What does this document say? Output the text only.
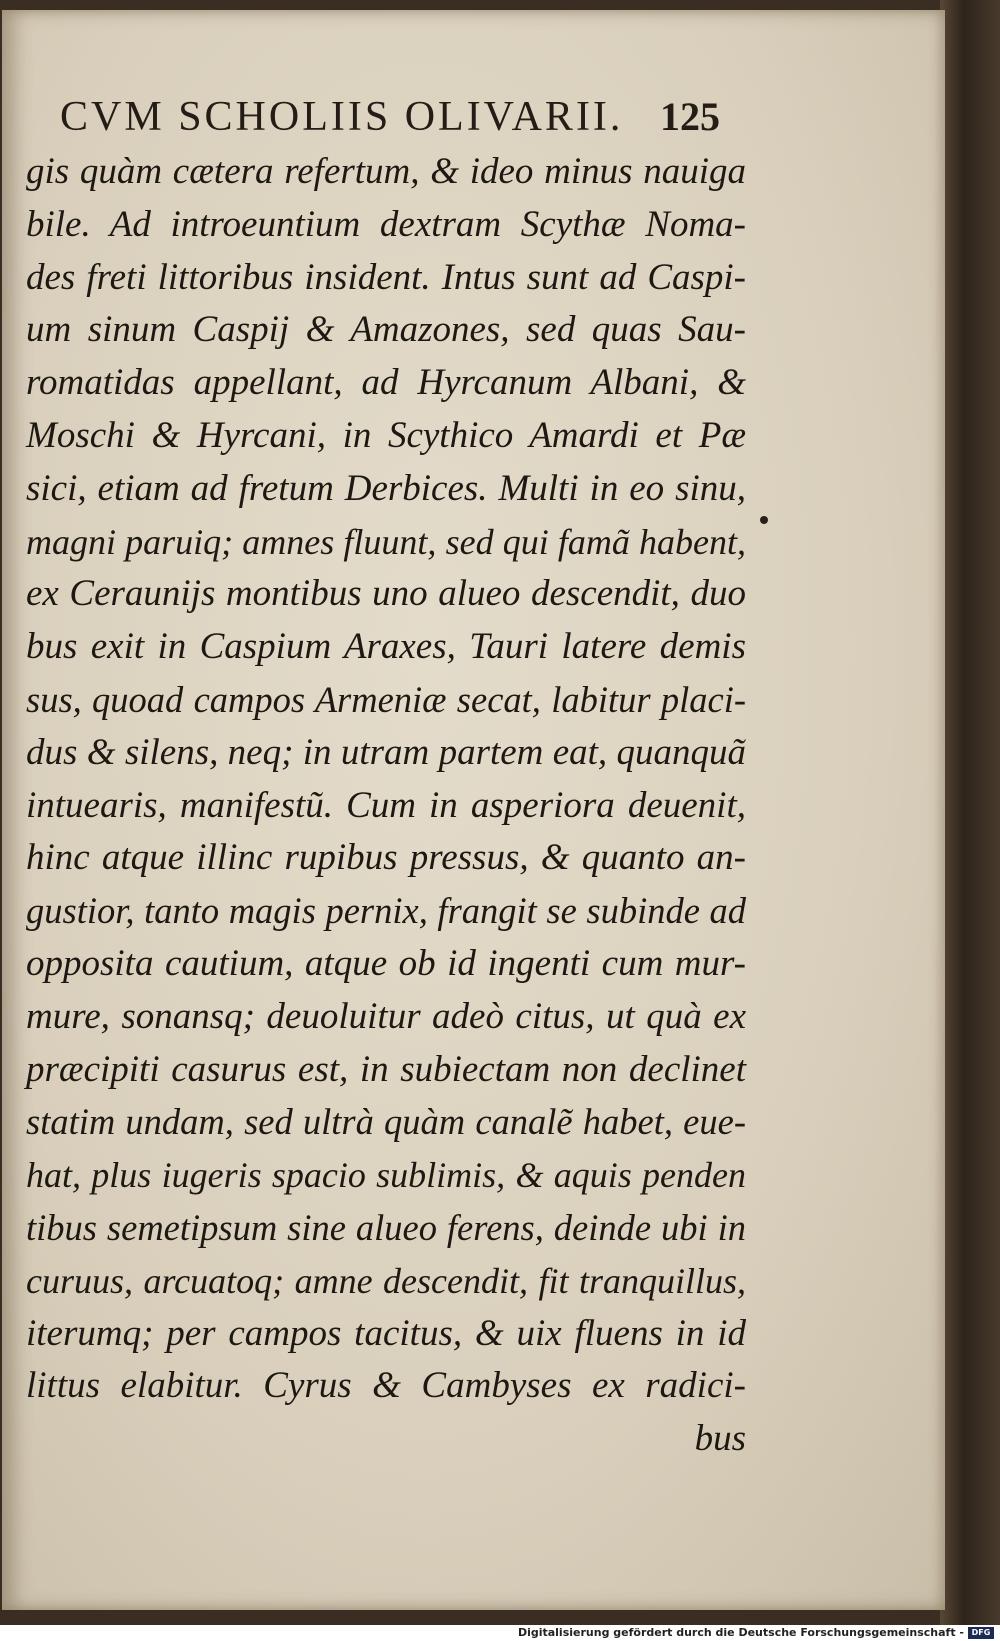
CVM SCHOLIIS OLIVARII. 125
gis quàm cætera refertum, & ideo minus nauiga
bile. Ad introeuntium dextram Scythæ Noma-
des freti littoribus insident. Intus sunt ad Caspi-
um sinum Caspij & Amazones, sed quas Sau-
romatidas appellant, ad Hyrcanum Albani, &
Moschi & Hyrcani, in Scythico Amardi et Pæ
sici, etiam ad fretum Derbices. Multi in eo sinu,
magni paruiq; amnes fluunt, sed qui famã habent,
ex Ceraunijs montibus uno alueo descendit, duo
bus exit in Caspium Araxes, Tauri latere demis
sus, quoad campos Armeniæ secat, labitur placi-
dus & silens, neq; in utram partem eat, quanquã
intuearis, manifestũ. Cum in asperiora deuenit,
hinc atque illinc rupibus pressus, & quanto an-
gustior, tanto magis pernix, frangit se subinde ad
opposita cautium, atque ob id ingenti cum mur-
mure, sonansq; deuoluitur adeò citus, ut quà ex
præcipiti casurus est, in subiectam non declinet
statim undam, sed ultrà quàm canalẽ habet, eue-
hat, plus iugeris spacio sublimis, & aquis penden
tibus semetipsum sine alueo ferens, deinde ubi in
curuus, arcuatoq; amne descendit, fit tranquillus,
iterumq; per campos tacitus, & uix fluens in id
littus elabitur. Cyrus & Cambyses ex radici-
bus
Digitalisierung gefördert durch die Deutsche Forschungsgemeinschaft - DFG
